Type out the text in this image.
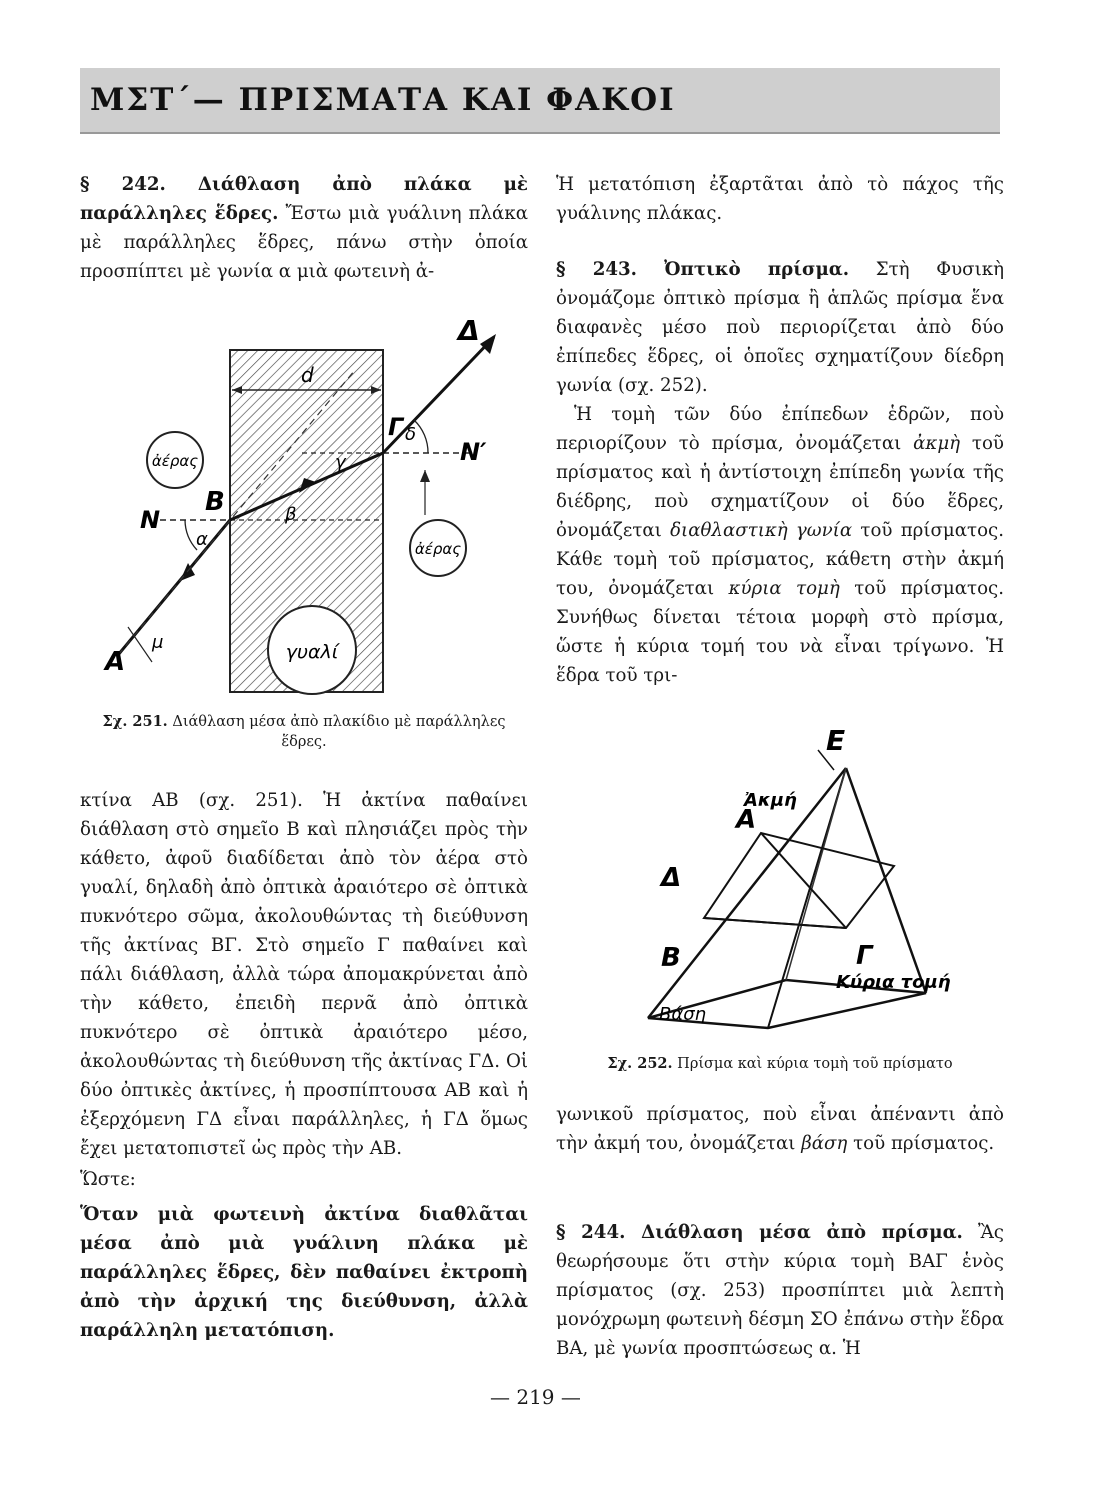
ΜΣΤ΄— ΠΡΙΣΜΑΤΑ ΚΑΙ ΦΑΚΟΙ

§ 242. Διάθλαση ἀπὸ πλάκα μὲ παράλληλες ἕδρες. Ἔστω μιὰ γυάλινη πλάκα μὲ παράλληλες ἕδρες, πάνω στὴν ὁποία προσπίπτει μὲ γωνία α μιὰ φωτεινὴ ἀ-

γυαλί
d
ἀέρας
ἀέρας
A
B
Γ
Δ
N
N′
α
β
γ
δ
μ
Σχ. 251. Διάθλαση μέσα ἀπὸ πλακίδιο μὲ παράλληλες ἕδρες.

κτίνα ΑΒ (σχ. 251). Ἡ ἀκτίνα παθαίνει διάθλαση στὸ σημεῖο Β καὶ πλησιάζει πρὸς τὴν κάθετο, ἀφοῦ διαδίδεται ἀπὸ τὸν ἀέρα στὸ γυαλί, δηλαδὴ ἀπὸ ὀπτικὰ ἀραιότερο σὲ ὀπτικὰ πυκνότερο σῶμα, ἀκολουθώντας τὴ διεύθυνση τῆς ἀκτίνας ΒΓ. Στὸ σημεῖο Γ παθαίνει καὶ πάλι διάθλαση, ἀλλὰ τώρα ἀπομακρύνεται ἀπὸ τὴν κάθετο, ἐπειδὴ περνᾶ ἀπὸ ὀπτικὰ πυκνότερο σὲ ὀπτικὰ ἀραιότερο μέσο, ἀκολουθώντας τὴ διεύθυνση τῆς ἀκτίνας ΓΔ. Οἱ δύο ὀπτικὲς ἀκτίνες, ἡ προσπίπτουσα ΑΒ καὶ ἡ ἐξερχόμενη ΓΔ εἶναι παράλληλες, ἡ ΓΔ ὅμως ἔχει μετατοπιστεῖ ὡς πρὸς τὴν ΑΒ.

Ὥστε:

Ὅταν μιὰ φωτεινὴ ἀκτίνα διαθλᾶται μέσα ἀπὸ μιὰ γυάλινη πλάκα μὲ παράλληλες ἕδρες, δὲν παθαίνει ἐκτροπὴ ἀπὸ τὴν ἀρχική της διεύθυνση, ἀλλὰ παράλληλη μετατόπιση.

Ἡ μετατόπιση ἐξαρτᾶται ἀπὸ τὸ πάχος τῆς γυάλινης πλάκας.

§ 243. Ὀπτικὸ πρίσμα. Στὴ Φυσικὴ ὀνομάζομε ὀπτικὸ πρίσμα ἢ ἁπλῶς πρίσμα ἕνα διαφανὲς μέσο ποὺ περιορίζεται ἀπὸ δύο ἐπίπεδες ἕδρες, οἱ ὁποῖες σχηματίζουν δίεδρη γωνία (σχ. 252).

Ἡ τομὴ τῶν δύο ἐπίπεδων ἑδρῶν, ποὺ περιορίζουν τὸ πρίσμα, ὀνομάζεται ἀκμὴ τοῦ πρίσματος καὶ ἡ ἀντίστοιχη ἐπίπεδη γωνία τῆς διέδρης, ποὺ σχηματίζουν οἱ δύο ἕδρες, ὀνομάζεται διαθλαστικὴ γωνία τοῦ πρίσματος. Κάθε τομὴ τοῦ πρίσματος, κάθετη στὴν ἀκμή του, ὀνομάζεται κύρια τομὴ τοῦ πρίσματος. Συνήθως δίνεται τέτοια μορφὴ στὸ πρίσμα, ὥστε ἡ κύρια τομή του νὰ εἶναι τρίγωνο. Ἡ ἕδρα τοῦ τρι-

Ε
Ἀκμή
Α
Δ
Β	Γ
Κύρια τομή
Βάση
Σχ. 252. Πρίσμα καὶ κύρια τομὴ τοῦ πρίσματο

γωνικοῦ πρίσματος, ποὺ εἶναι ἀπέναντι ἀπὸ τὴν ἀκμή του, ὀνομάζεται βάση τοῦ πρίσματος.

§ 244. Διάθλαση μέσα ἀπὸ πρίσμα. Ἂς θεωρήσουμε ὅτι στὴν κύρια τομὴ ΒΑΓ ἑνὸς πρίσματος (σχ. 253) προσπίπτει μιὰ λεπτὴ μονόχρωμη φωτεινὴ δέσμη ΣΟ ἐπάνω στὴν ἕδρα ΒΑ, μὲ γωνία προσπτώσεως α. Ἡ

— 219 —
